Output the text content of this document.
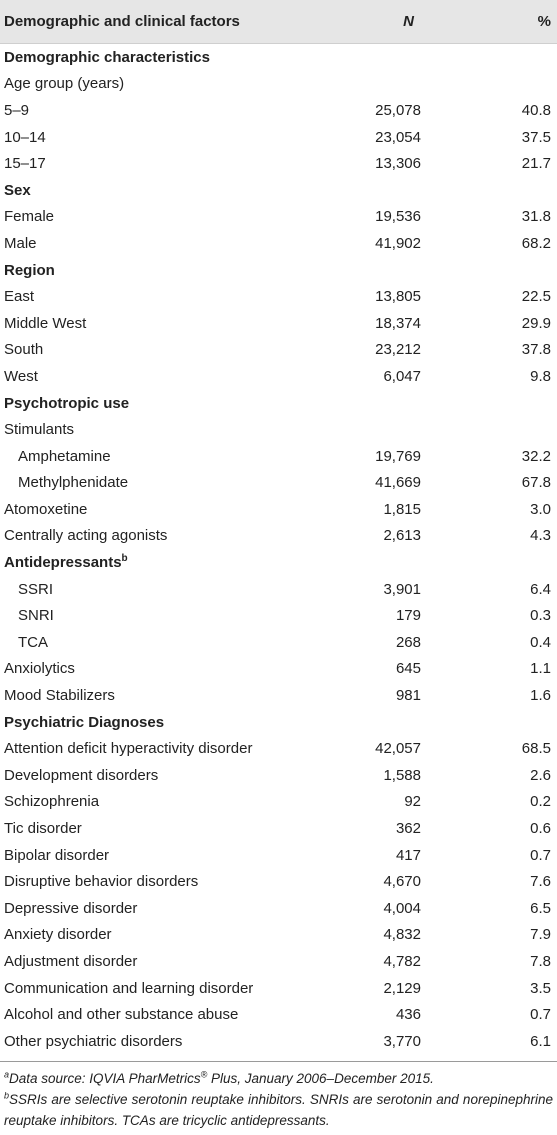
Demographic and clinical factors	N	%
Demographic characteristics
Age group (years)
5–9	25,078	40.8
10–14	23,054	37.5
15–17	13,306	21.7
Sex
Female	19,536	31.8
Male	41,902	68.2
Region
East	13,805	22.5
Middle West	18,374	29.9
South	23,212	37.8
West	6,047	9.8
Psychotropic use
Stimulants
Amphetamine	19,769	32.2
Methylphenidate	41,669	67.8
Atomoxetine	1,815	3.0
Centrally acting agonists	2,613	4.3
Antidepressants$^b$
SSRI	3,901	6.4
SNRI	179	0.3
TCA	268	0.4
Anxiolytics	645	1.1
Mood Stabilizers	981	1.6
Psychiatric Diagnoses
Attention deficit hyperactivity disorder	42,057	68.5
Development disorders	1,588	2.6
Schizophrenia	92	0.2
Tic disorder	362	0.6
Bipolar disorder	417	0.7
Disruptive behavior disorders	4,670	7.6
Depressive disorder	4,004	6.5
Anxiety disorder	4,832	7.9
Adjustment disorder	4,782	7.8
Communication and learning disorder	2,129	3.5
Alcohol and other substance abuse	436	0.7
Other psychiatric disorders	3,770	6.1

$^a$Data source: IQVIA PharMetrics® Plus, January 2006–December 2015.

$^b$SSRIs are selective serotonin reuptake inhibitors. SNRIs are serotonin and norepinephrine reuptake inhibitors. TCAs are tricyclic antidepressants.
